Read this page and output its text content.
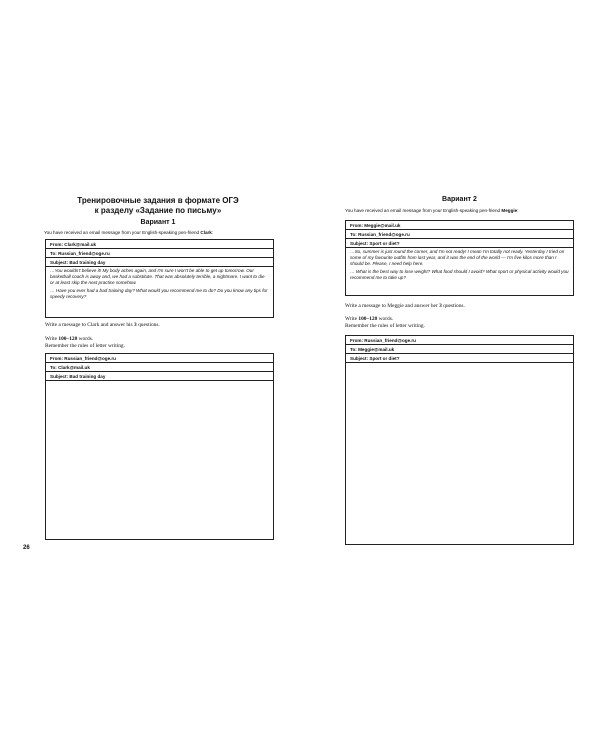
Тренировочные задания в формате ОГЭ
к разделу «Задание по письму»
Вариант 1
You have received an email message from your English-speaking pen-friend Clark:
From: Clark@mail.uk
To: Russian_friend@oge.ru
Subject: Bad training day

…You wouldn't believe it! My body aches again, and I'm sure I won't be able to get up tomorrow. Our basketball coach is away and, we had a substitute. That was absolutely terrible, a nightmare. I want to die or at least skip the next practice somehow.

… Have you ever had a bad training day? What would you recommend me to do? Do you know any tips for speedy recovery?

Write a message to Clark and answer his 3 questions.
Write 100–120 words.
Remember the rules of letter writing.
From: Russian_friend@oge.ru
To: Clark@mail.uk
Subject: Bad training day
26
Вариант 2
You have received an email message from your English-speaking pen-friend Meggie:
From: Meggie@mail.uk
To: Russian_friend@oge.ru
Subject: Sport or diet?

…So, summer is just round the corner, and I'm not ready! I mean I'm totally not ready. Yesterday I tried on some of my favourite outfits from last year, and it was the end of the world — I'm five kilos more than I should be. Please, I need help here.

… What is the best way to lose weight? What food should I avoid? What sport or physical activity would you recommend me to take up?

Write a message to Meggie and answer her 3 questions.
Write 100–120 words.
Remember the rules of letter writing.
From: Russian_friend@oge.ru
To: Meggie@mail.uk
Subject: Sport or diet?
